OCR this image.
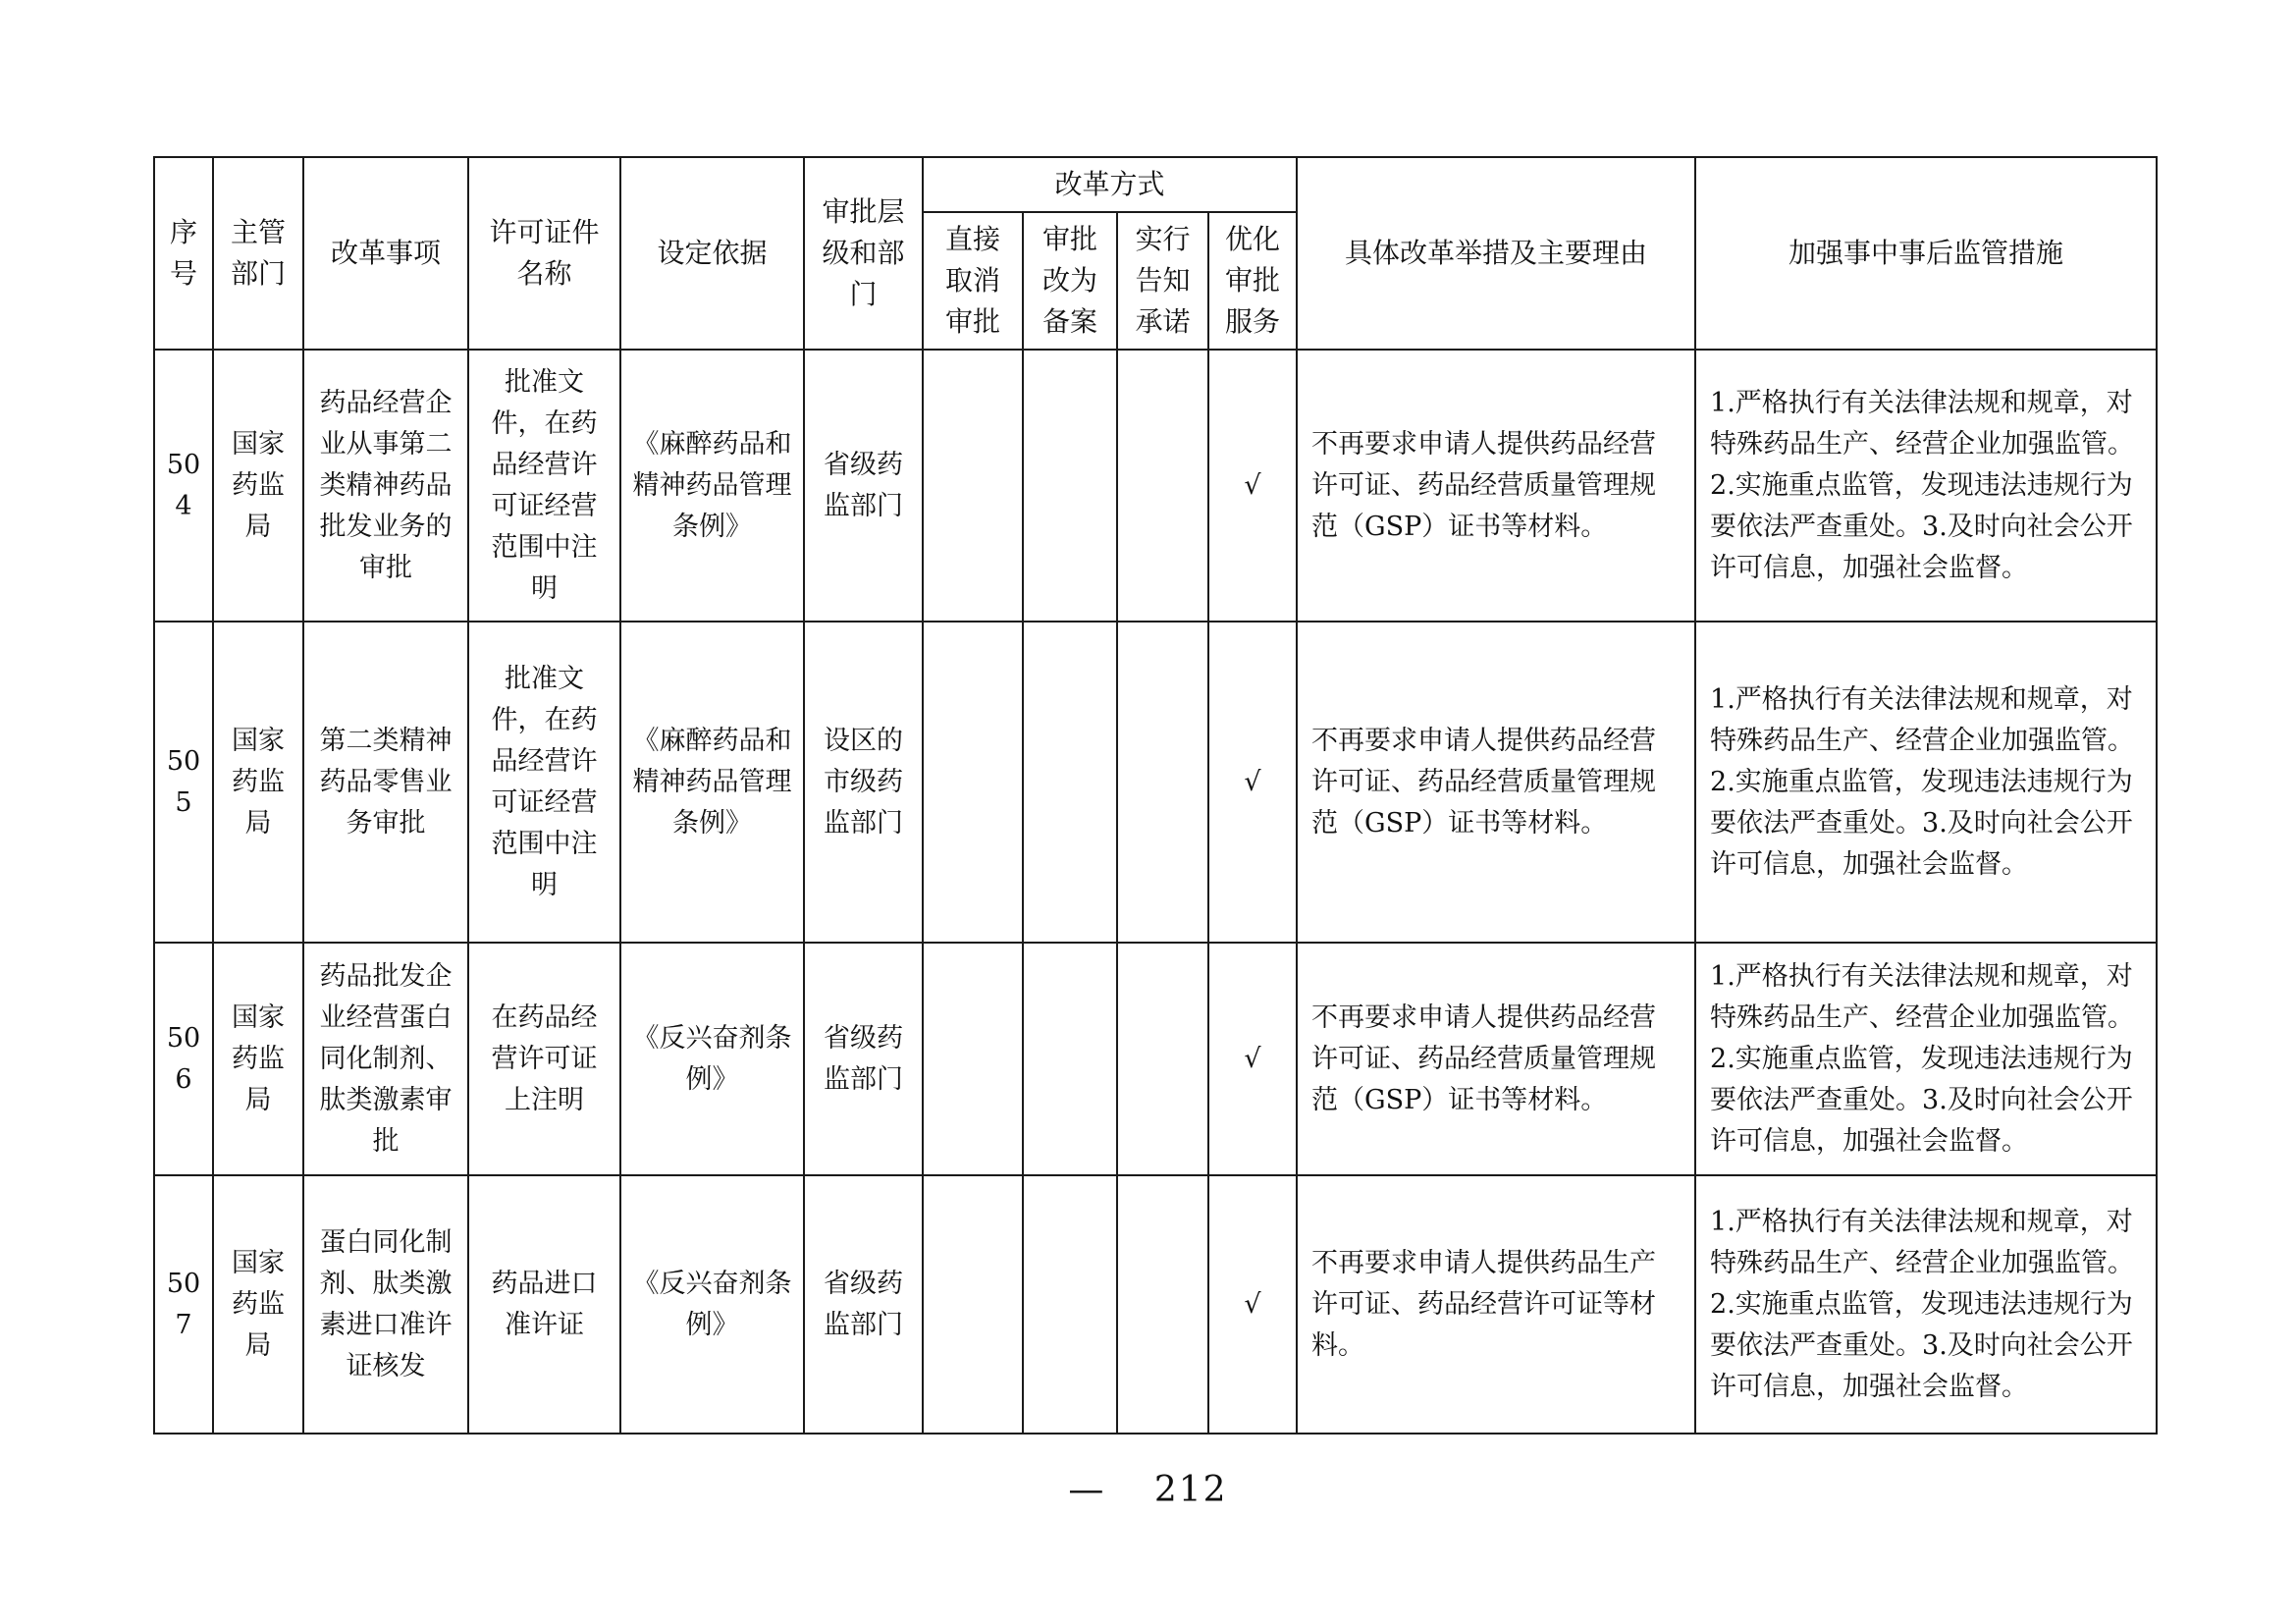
序号	主管部门	改革事项	许可证件名称	设定依据	审批层级和部门	改革方式				具体改革举措及主要理由	加强事中事后监管措施
						直接取消审批	审批改为备案	实行告知承诺	优化审批服务		
504	国家药监局	药品经营企业从事第二类精神药品批发业务的审批	批准文件，在药品经营许可证经营范围中注明	《麻醉药品和精神药品管理条例》	省级药监部门				√	不再要求申请人提供药品经营许可证、药品经营质量管理规范（GSP）证书等材料。	1.严格执行有关法律法规和规章，对特殊药品生产、经营企业加强监管。2.实施重点监管，发现违法违规行为要依法严查重处。3.及时向社会公开许可信息，加强社会监督。
505	国家药监局	第二类精神药品零售业务审批	批准文件，在药品经营许可证经营范围中注明	《麻醉药品和精神药品管理条例》	设区的市级药监部门				√	不再要求申请人提供药品经营许可证、药品经营质量管理规范（GSP）证书等材料。	1.严格执行有关法律法规和规章，对特殊药品生产、经营企业加强监管。2.实施重点监管，发现违法违规行为要依法严查重处。3.及时向社会公开许可信息，加强社会监督。
506	国家药监局	药品批发企业经营蛋白同化制剂、肽类激素审批	在药品经营许可证上注明	《反兴奋剂条例》	省级药监部门				√	不再要求申请人提供药品经营许可证、药品经营质量管理规范（GSP）证书等材料。	1.严格执行有关法律法规和规章，对特殊药品生产、经营企业加强监管。2.实施重点监管，发现违法违规行为要依法严查重处。3.及时向社会公开许可信息，加强社会监督。
507	国家药监局	蛋白同化制剂、肽类激素进口准许证核发	药品进口准许证	《反兴奋剂条例》	省级药监部门				√	不再要求申请人提供药品生产许可证、药品经营许可证等材料。	1.严格执行有关法律法规和规章，对特殊药品生产、经营企业加强监管。2.实施重点监管，发现违法违规行为要依法严查重处。3.及时向社会公开许可信息，加强社会监督。
— 212
